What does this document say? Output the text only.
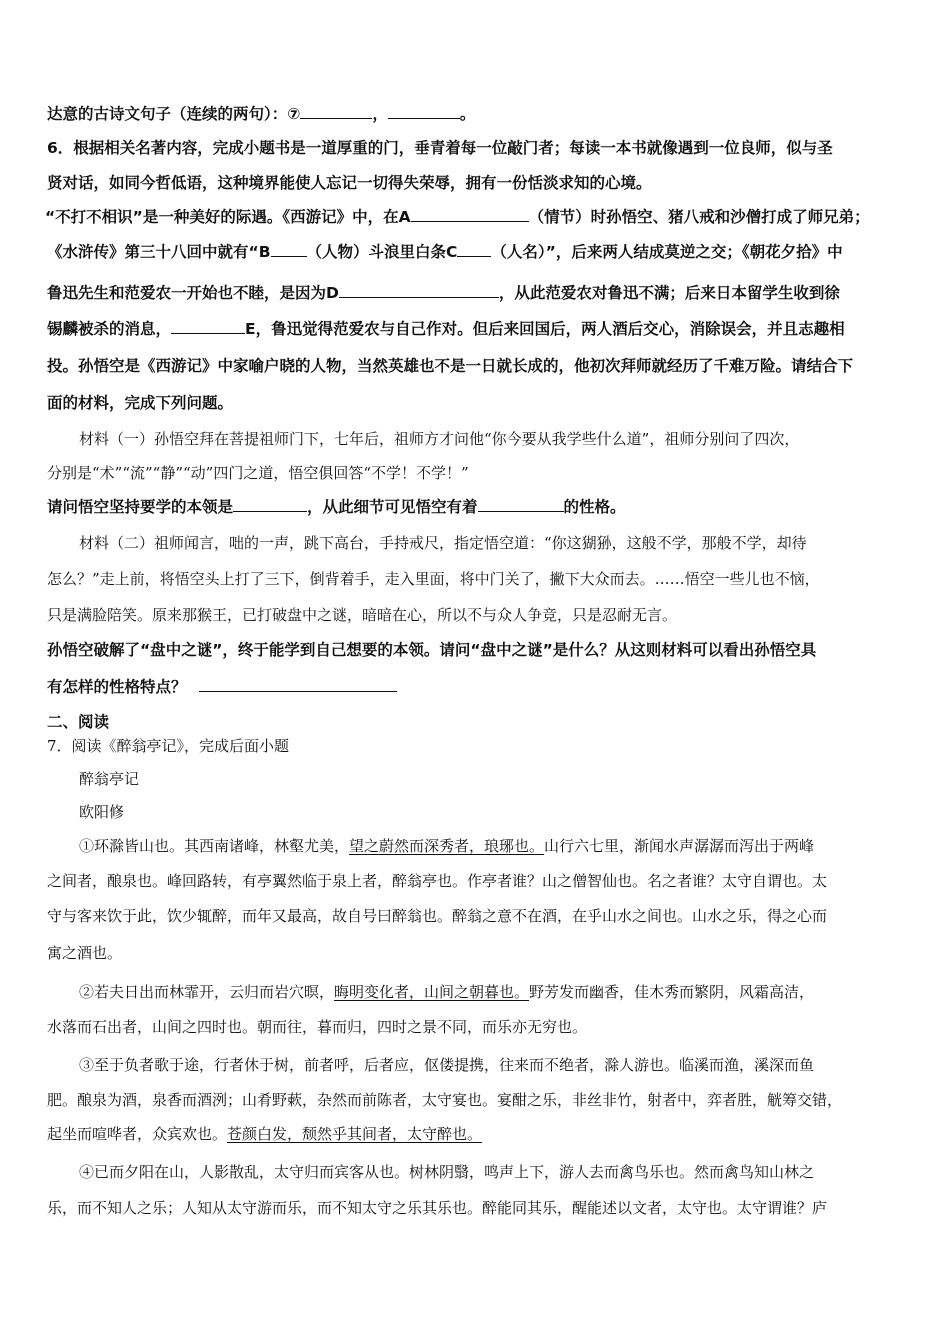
达意的古诗文句子（连续的两句）：⑦	，	。
6．根据相关名著内容，完成小题书是一道厚重的门，垂青着每一位敲门者；每读一本书就像遇到一位良师，似与圣
贤对话，如同今哲低语，这种境界能使人忘记一切得失荣辱，拥有一份恬淡求知的心境。
“不打不相识”是一种美好的际遇。《西游记》中，在A	（情节）时孙悟空、猪八戒和沙僧打成了师兄弟；
《水浒传》第三十八回中就有“B （人物）斗浪里白条C （人名）”，后来两人结成莫逆之交；《朝花夕拾》中
鲁迅先生和范爱农一开始也不睦，是因为D	，从此范爱农对鲁迅不满；后来日本留学生收到徐
锡麟被杀的消息，	E，鲁迅觉得范爱农与自己作对。但后来回国后，两人酒后交心，消除误会，并且志趣相
投。孙悟空是《西游记》中家喻户晓的人物，当然英雄也不是一日就长成的，他初次拜师就经历了千难万险。请结合下
面的材料，完成下列问题。
材料（一）孙悟空拜在菩提祖师门下，七年后，祖师方才问他“你今要从我学些什么道”，祖师分别问了四次，
分别是“术”“流”“静”“动”四门之道，悟空俱回答“不学！不学！”
请问悟空坚持要学的本领是	，从此细节可见悟空有着	的性格。
材料（二）祖师闻言，咄的一声，跳下高台，手持戒尺，指定悟空道：“你这猢狲，这般不学，那般不学，却待
怎么？”走上前，将悟空头上打了三下，倒背着手，走入里面，将中门关了，撇下大众而去。……悟空一些儿也不恼，
只是满脸陪笑。原来那猴王，已打破盘中之谜，暗暗在心，所以不与众人争竞，只是忍耐无言。
孙悟空破解了“盘中之谜”，终于能学到自己想要的本领。请问“盘中之谜”是什么？从这则材料可以看出孙悟空具
有怎样的性格特点？
二、阅读
7．阅读《醉翁亭记》，完成后面小题
醉翁亭记
欧阳修
①环滁皆山也。其西南诸峰，林壑尤美，望之蔚然而深秀者，琅琊也。山行六七里，渐闻水声潺潺而泻出于两峰
之间者，酿泉也。峰回路转，有亭翼然临于泉上者，醉翁亭也。作亭者谁？山之僧智仙也。名之者谁？太守自谓也。太
守与客来饮于此，饮少辄醉，而年又最高，故自号曰醉翁也。醉翁之意不在酒，在乎山水之间也。山水之乐，得之心而
寓之酒也。
②若夫日出而林霏开，云归而岩穴暝，晦明变化者，山间之朝暮也。野芳发而幽香，佳木秀而繁阴，风霜高洁，
水落而石出者，山间之四时也。朝而往，暮而归，四时之景不同，而乐亦无穷也。
③至于负者歌于途，行者休于树，前者呼，后者应，伛偻提携，往来而不绝者，滁人游也。临溪而渔，溪深而鱼
肥。酿泉为酒，泉香而酒洌；山肴野蔌，杂然而前陈者，太守宴也。宴酣之乐，非丝非竹，射者中，弈者胜，觥筹交错，
起坐而喧哗者，众宾欢也。苍颜白发，颓然乎其间者，太守醉也。
④已而夕阳在山，人影散乱，太守归而宾客从也。树林阴翳，鸣声上下，游人去而禽鸟乐也。然而禽鸟知山林之
乐，而不知人之乐；人知从太守游而乐，而不知太守之乐其乐也。醉能同其乐，醒能述以文者，太守也。太守谓谁？庐
